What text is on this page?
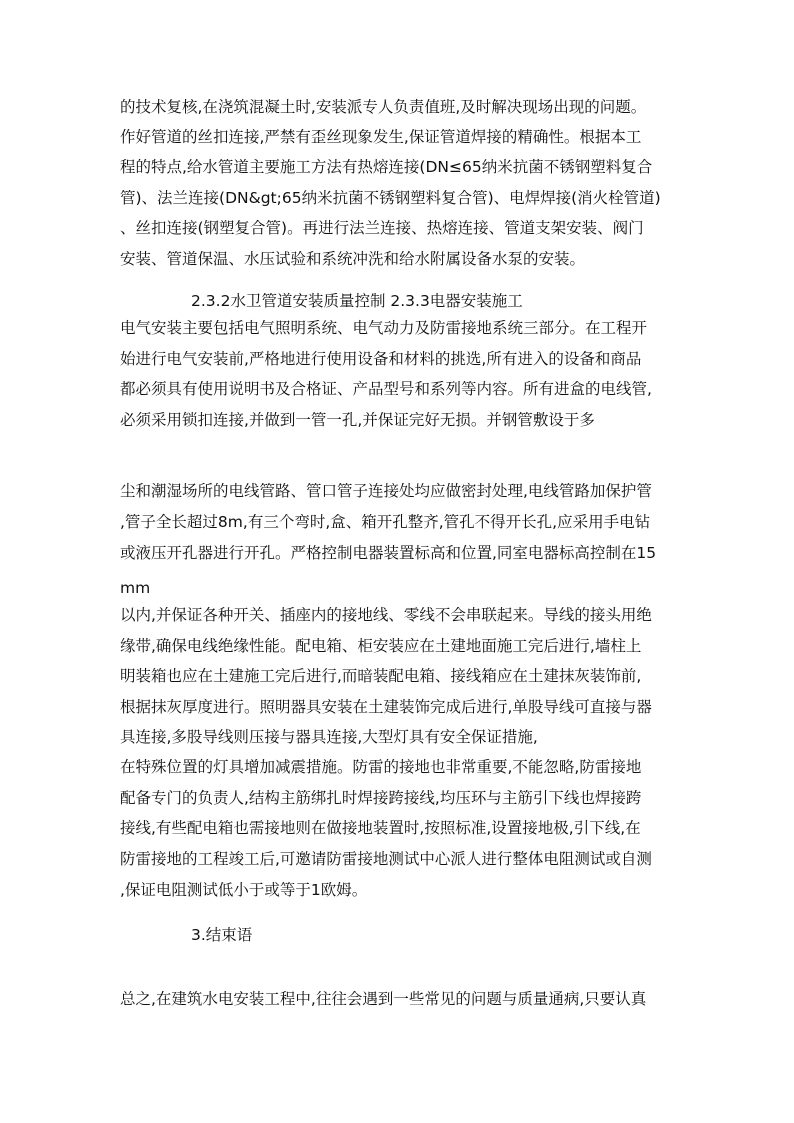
的技术复核,在浇筑混凝土时,安装派专人负责值班,及时解决现场出现的问题。
作好管道的丝扣连接,严禁有歪丝现象发生,保证管道焊接的精确性。根据本工
程的特点,给水管道主要施工方法有热熔连接(DN≤65纳米抗菌不锈钢塑料复合
管)、法兰连接(DN&gt;65纳米抗菌不锈钢塑料复合管)、电焊焊接(消火栓管道)
、丝扣连接(钢塑复合管)。再进行法兰连接、热熔连接、管道支架安装、阀门
安装、管道保温、水压试验和系统冲洗和给水附属设备水泵的安装。
2.3.2水卫管道安装质量控制 2.3.3电器安装施工
电气安装主要包括电气照明系统、电气动力及防雷接地系统三部分。在工程开
始进行电气安装前,严格地进行使用设备和材料的挑选,所有进入的设备和商品
都必须具有使用说明书及合格证、产品型号和系列等内容。所有进盒的电线管,
必须采用锁扣连接,并做到一管一孔,并保证完好无损。并钢管敷设于多
尘和潮湿场所的电线管路、管口管子连接处均应做密封处理,电线管路加保护管
,管子全长超过8m,有三个弯时,盒、箱开孔整齐,管孔不得开长孔,应采用手电钻
或液压开孔器进行开孔。严格控制电器装置标高和位置,同室电器标高控制在15
mm
以内,并保证各种开关、插座内的接地线、零线不会串联起来。导线的接头用绝
缘带,确保电线绝缘性能。配电箱、柜安装应在土建地面施工完后进行,墙柱上
明装箱也应在土建施工完后进行,而暗装配电箱、接线箱应在土建抹灰装饰前,
根据抹灰厚度进行。照明器具安装在土建装饰完成后进行,单股导线可直接与器
具连接,多股导线则压接与器具连接,大型灯具有安全保证措施,
在特殊位置的灯具增加减震措施。防雷的接地也非常重要,不能忽略,防雷接地
配备专门的负责人,结构主筋绑扎时焊接跨接线,均压环与主筋引下线也焊接跨
接线,有些配电箱也需接地则在做接地装置时,按照标准,设置接地极,引下线,在
防雷接地的工程竣工后,可邀请防雷接地测试中心派人进行整体电阻测试或自测
,保证电阻测试低小于或等于1欧姆。
3.结束语
总之,在建筑水电安装工程中,往往会遇到一些常见的问题与质量通病,只要认真
